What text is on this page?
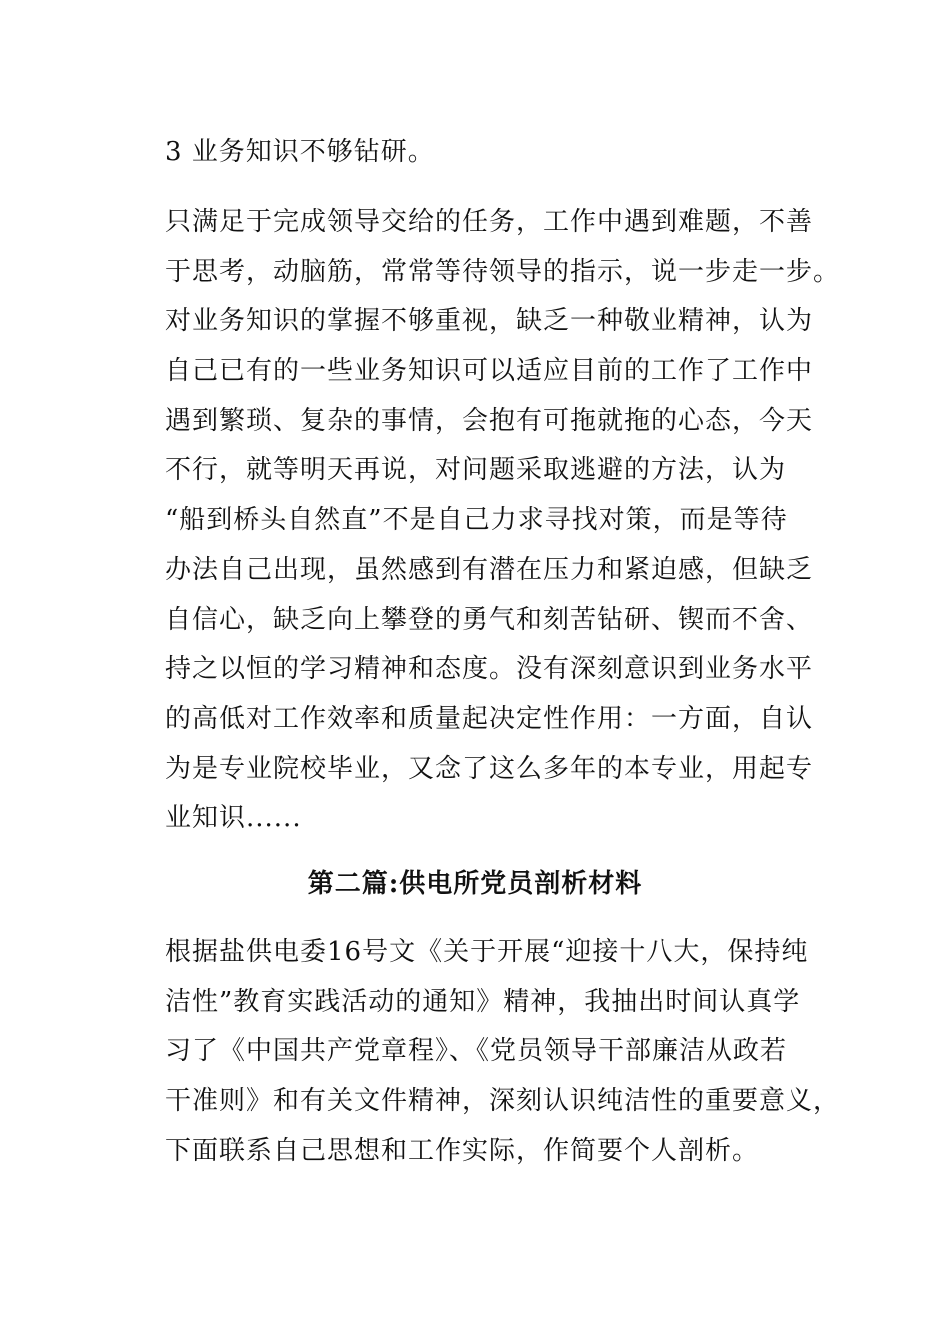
3 业务知识不够钻研。
只满足于完成领导交给的任务，工作中遇到难题，不善
于思考，动脑筋，常常等待领导的指示，说一步走一步。
对业务知识的掌握不够重视，缺乏一种敬业精神，认为
自己已有的一些业务知识可以适应目前的工作了工作中
遇到繁琐、复杂的事情，会抱有可拖就拖的心态，今天
不行，就等明天再说，对问题采取逃避的方法，认为
“船到桥头自然直”不是自己力求寻找对策，而是等待
办法自己出现，虽然感到有潜在压力和紧迫感，但缺乏
自信心，缺乏向上攀登的勇气和刻苦钻研、锲而不舍、
持之以恒的学习精神和态度。没有深刻意识到业务水平
的高低对工作效率和质量起决定性作用：一方面，自认
为是专业院校毕业，又念了这么多年的本专业，用起专
业知识......
第二篇:供电所党员剖析材料
根据盐供电委16号文《关于开展“迎接十八大，保持纯
洁性”教育实践活动的通知》精神，我抽出时间认真学
习了《中国共产党章程》、《党员领导干部廉洁从政若
干准则》和有关文件精神，深刻认识纯洁性的重要意义，
下面联系自己思想和工作实际，作简要个人剖析。
